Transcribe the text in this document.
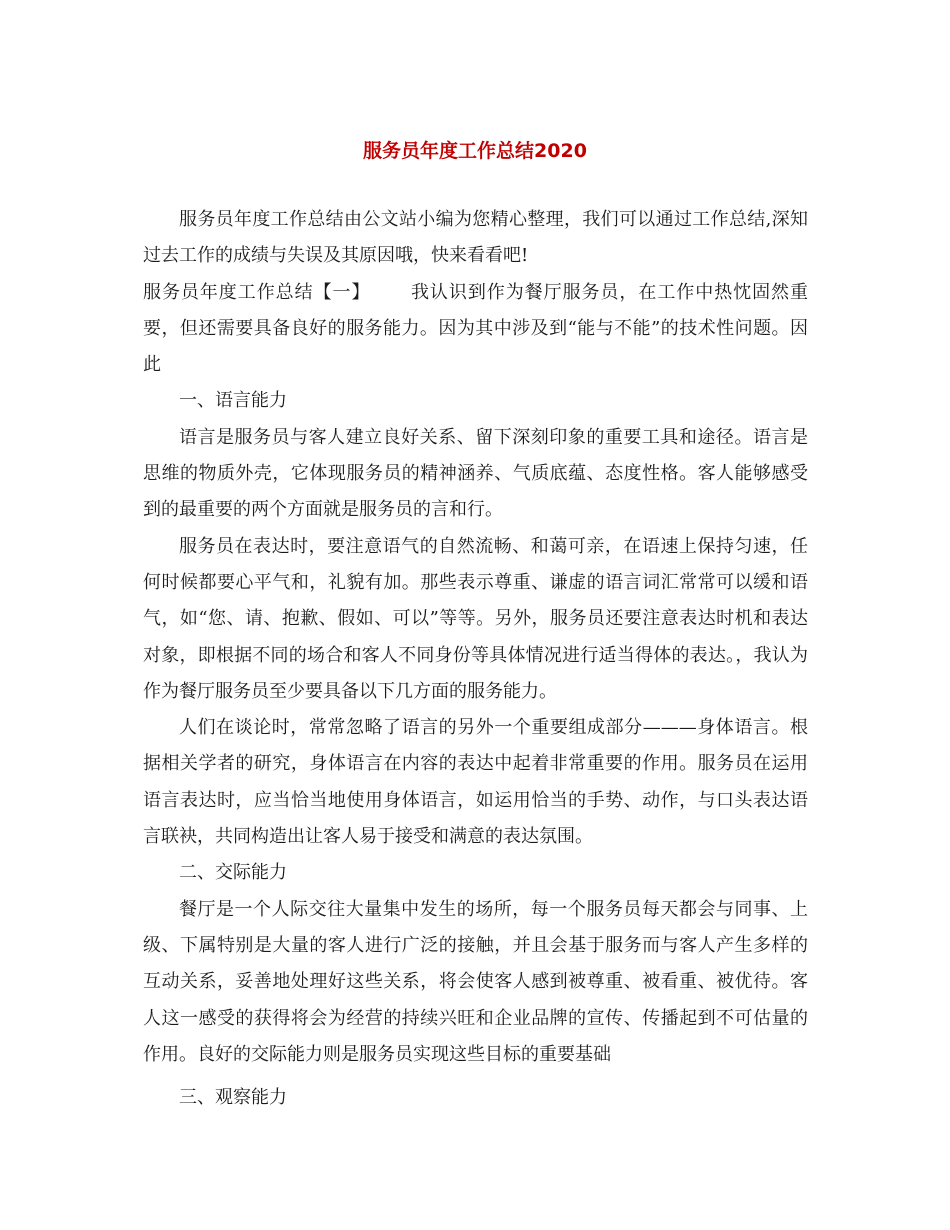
服务员年度工作总结2020

服务员年度工作总结由公文站小编为您精心整理，我们可以通过工作总结,深知过去工作的成绩与失误及其原因哦，快来看看吧!

服务员年度工作总结【一】 我认识到作为餐厅服务员，在工作中热忱固然重要，但还需要具备良好的服务能力。因为其中涉及到“能与不能”的技术性问题。因此

一、语言能力

语言是服务员与客人建立良好关系、留下深刻印象的重要工具和途径。语言是思维的物质外壳，它体现服务员的精神涵养、气质底蕴、态度性格。客人能够感受到的最重要的两个方面就是服务员的言和行。

服务员在表达时，要注意语气的自然流畅、和蔼可亲，在语速上保持匀速，任何时候都要心平气和，礼貌有加。那些表示尊重、谦虚的语言词汇常常可以缓和语气，如“您、请、抱歉、假如、可以”等等。另外，服务员还要注意表达时机和表达对象，即根据不同的场合和客人不同身份等具体情况进行适当得体的表达。，我认为作为餐厅服务员至少要具备以下几方面的服务能力。

人们在谈论时，常常忽略了语言的另外一个重要组成部分———身体语言。根据相关学者的研究，身体语言在内容的表达中起着非常重要的作用。服务员在运用语言表达时，应当恰当地使用身体语言，如运用恰当的手势、动作，与口头表达语言联袂，共同构造出让客人易于接受和满意的表达氛围。

二、交际能力

餐厅是一个人际交往大量集中发生的场所，每一个服务员每天都会与同事、上级、下属特别是大量的客人进行广泛的接触，并且会基于服务而与客人产生多样的互动关系，妥善地处理好这些关系，将会使客人感到被尊重、被看重、被优待。客人这一感受的获得将会为经营的持续兴旺和企业品牌的宣传、传播起到不可估量的作用。良好的交际能力则是服务员实现这些目标的重要基础

三、观察能力
